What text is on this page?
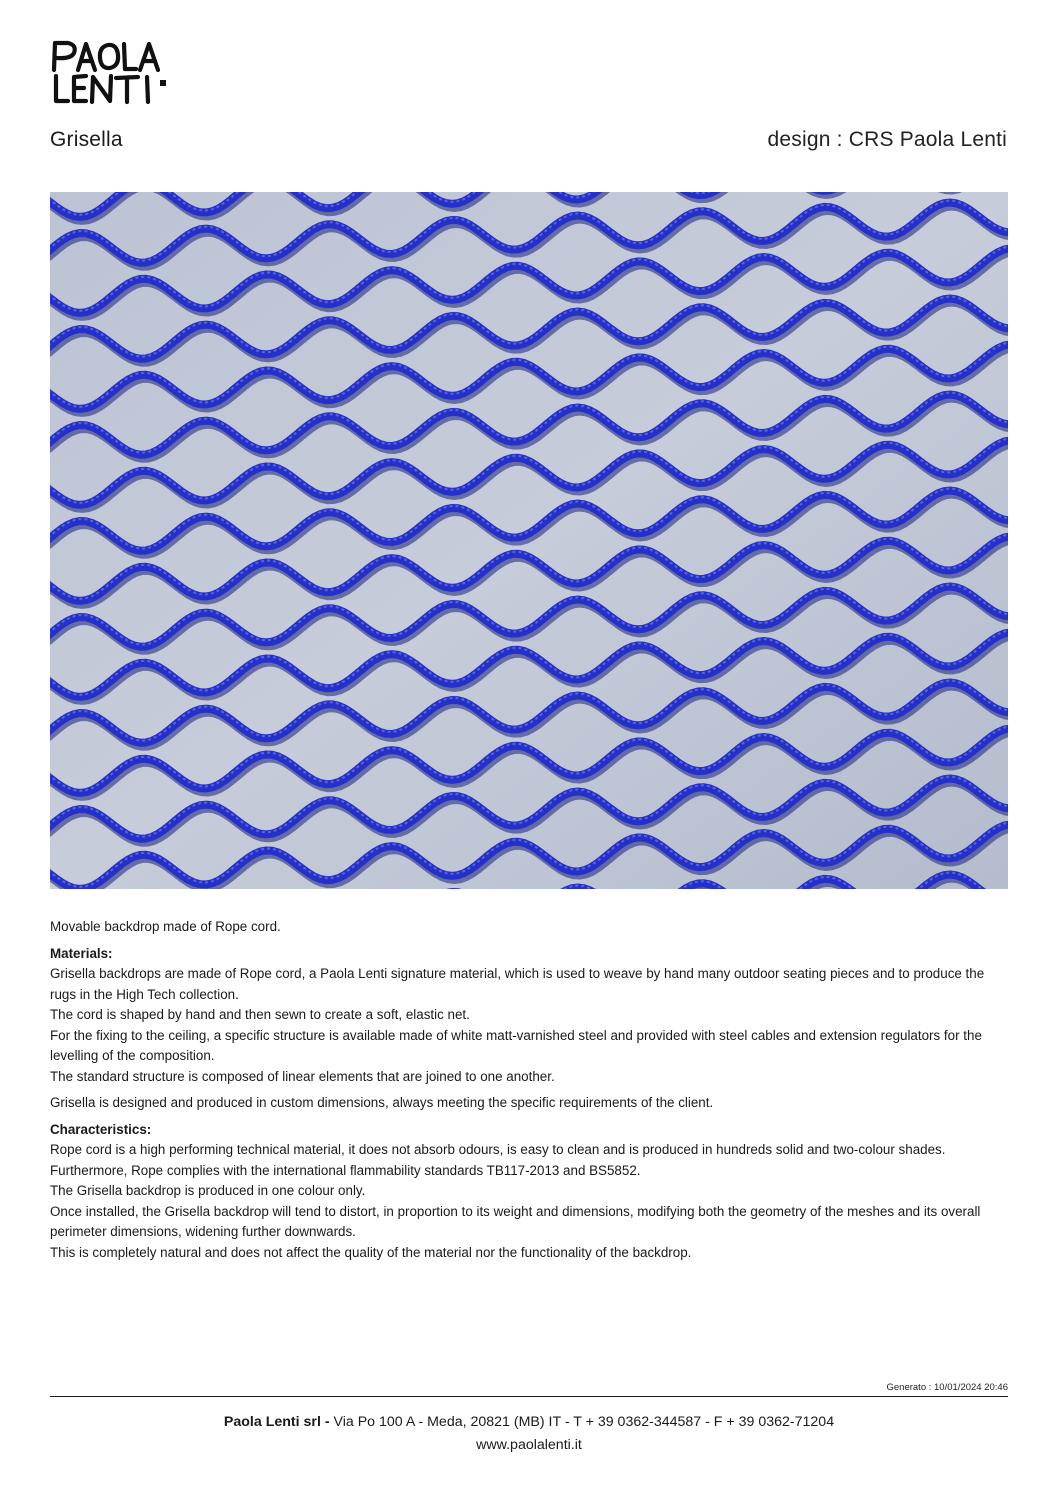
Grisella	design : CRS Paola Lenti

Movable backdrop made of Rope cord.

Materials:

Grisella backdrops are made of Rope cord, a Paola Lenti signature material, which is used to weave by hand many outdoor seating pieces and to produce the rugs in the High Tech collection.

The cord is shaped by hand and then sewn to create a soft, elastic net.

For the fixing to the ceiling, a specific structure is available made of white matt-varnished steel and provided with steel cables and extension regulators for the levelling of the composition.

The standard structure is composed of linear elements that are joined to one another.

Grisella is designed and produced in custom dimensions, always meeting the specific requirements of the client.

Characteristics:

Rope cord is a high performing technical material, it does not absorb odours, is easy to clean and is produced in hundreds solid and two-colour shades.

Furthermore, Rope complies with the international flammability standards TB117-2013 and BS5852.

The Grisella backdrop is produced in one colour only.

Once installed, the Grisella backdrop will tend to distort, in proportion to its weight and dimensions, modifying both the geometry of the meshes and its overall perimeter dimensions, widening further downwards.

This is completely natural and does not affect the quality of the material nor the functionality of the backdrop.

Generato : 10/01/2024 20:46
Paola Lenti srl - Via Po 100 A - Meda, 20821 (MB) IT - T + 39 0362-344587 - F + 39 0362-71204
www.paolalenti.it
